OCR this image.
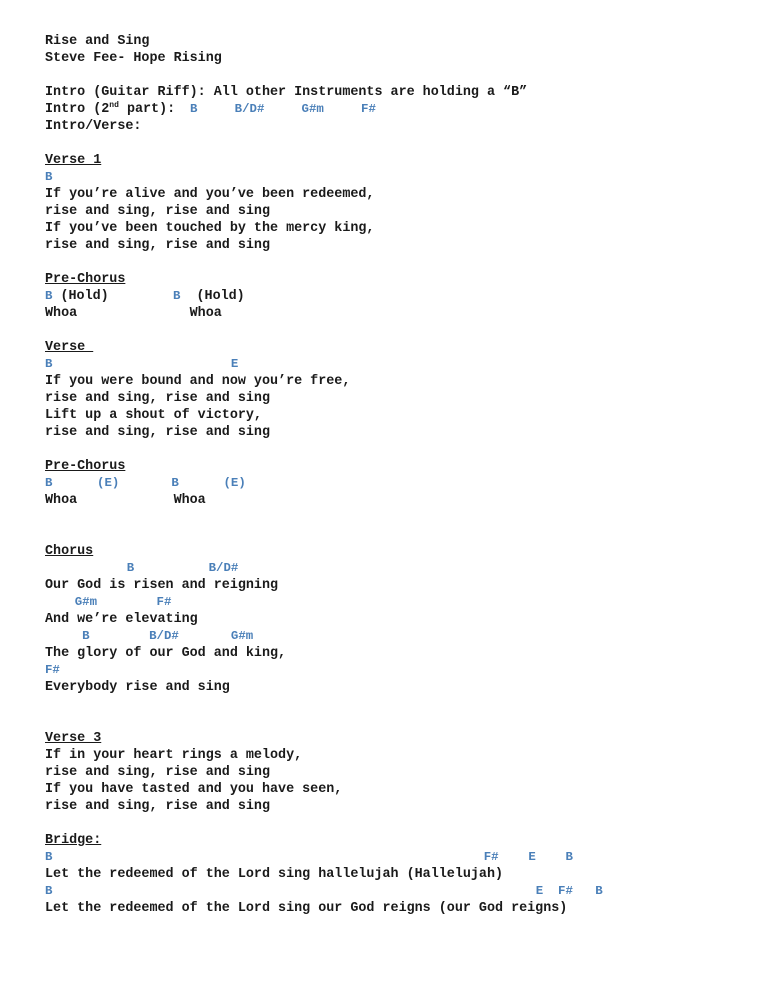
Rise and Sing
Steve Fee- Hope Rising
Intro (Guitar Riff): All other Instruments are holding a “B”
Intro (2nd part):  B     B/D#     G#m     F#
Intro/Verse:
Verse 1
B
If you’re alive and you’ve been redeemed,
rise and sing, rise and sing
If you’ve been touched by the mercy king,
rise and sing, rise and sing
Pre-Chorus
B (Hold)	B  (Hold)
Whoa              Whoa
Verse
B                        E
If you were bound and now you’re free,
rise and sing, rise and sing
Lift up a shout of victory,
rise and sing, rise and sing
Pre-Chorus
B      (E)       B      (E)
Whoa            Whoa
Chorus
B          B/D#
Our God is risen and reigning
G#m        F#
And we’re elevating
B        B/D#       G#m
The glory of our God and king,
F#
Everybody rise and sing
Verse 3
If in your heart rings a melody,
rise and sing, rise and sing
If you have tasted and you have seen,
rise and sing, rise and sing
Bridge:
B                                                          F#    E    B
Let the redeemed of the Lord sing hallelujah (Hallelujah)
B                                                                 E  F#   B
Let the redeemed of the Lord sing our God reigns (our God reigns)
